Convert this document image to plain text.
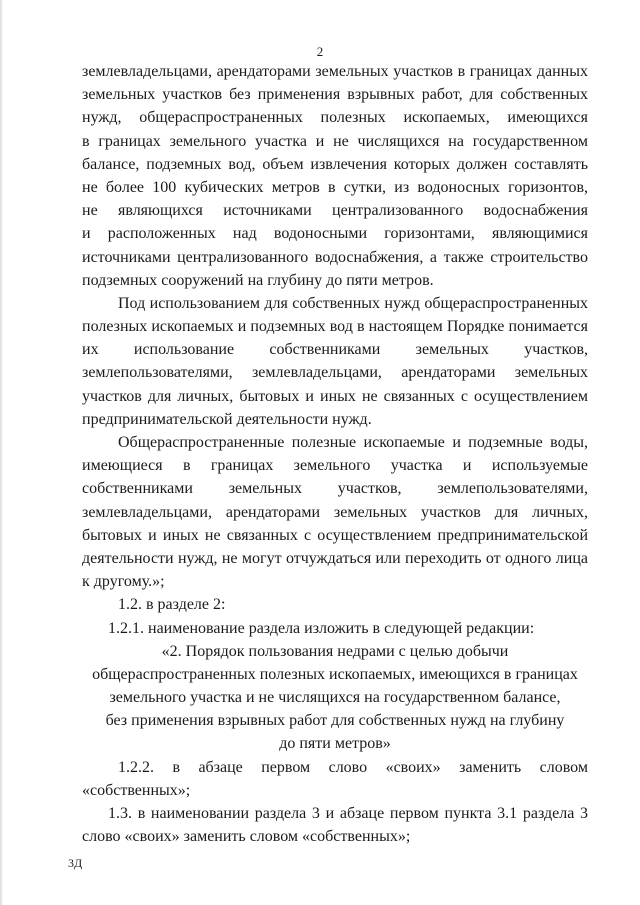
2
землевладельцами, арендаторами земельных участков в границах данных
земельных участков без применения взрывных работ, для собственных
нужд, общераспространенных полезных ископаемых, имеющихся
в границах земельного участка и не числящихся на государственном
балансе, подземных вод, объем извлечения которых должен составлять
не более 100 кубических метров в сутки, из водоносных горизонтов,
не являющихся источниками централизованного водоснабжения
и расположенных над водоносными горизонтами, являющимися
источниками централизованного водоснабжения, а также строительство
подземных сооружений на глубину до пяти метров.
Под использованием для собственных нужд общераспространенных
полезных ископаемых и подземных вод в настоящем Порядке понимается
их использование собственниками земельных участков,
землепользователями, землевладельцами, арендаторами земельных
участков для личных, бытовых и иных не связанных с осуществлением
предпринимательской деятельности нужд.
Общераспространенные полезные ископаемые и подземные воды,
имеющиеся в границах земельного участка и используемые
собственниками земельных участков, землепользователями,
землевладельцами, арендаторами земельных участков для личных,
бытовых и иных не связанных с осуществлением предпринимательской
деятельности нужд, не могут отчуждаться или переходить от одного лица
к другому.»;
1.2. в разделе 2:
1.2.1. наименование раздела изложить в следующей редакции:
«2. Порядок пользования недрами с целью добычи
общераспространенных полезных ископаемых, имеющихся в границах
земельного участка и не числящихся на государственном балансе,
без применения взрывных работ для собственных нужд на глубину
до пяти метров»
1.2.2. в абзаце первом слово «своих» заменить словом
«собственных»;
1.3. в наименовании раздела 3 и абзаце первом пункта 3.1 раздела 3
слово «своих» заменить словом «собственных»;
3Д
